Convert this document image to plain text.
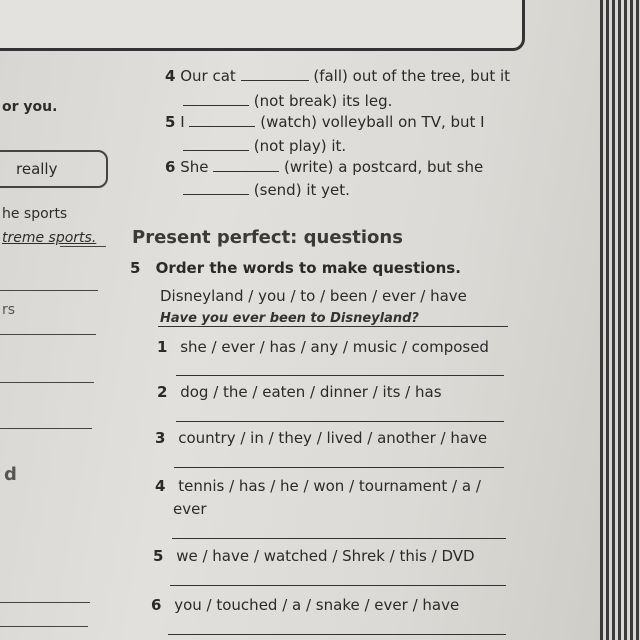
or you.
really
he sports
treme sports.
rs
d
4 Our cat	(fall) out of the tree, but it
(not break) its leg.
5 I	(watch) volleyball on TV, but I
(not play) it.
6 She	(write) a postcard, but she
(send) it yet.
Present perfect: questions
5 Order the words to make questions.
Disneyland / you / to / been / ever / have
Have you ever been to Disneyland?
1 she / ever / has / any / music / composed
2 dog / the / eaten / dinner / its / has
3 country / in / they / lived / another / have
4 tennis / has / he / won / tournament / a /
ever
5 we / have / watched / Shrek / this / DVD
6 you / touched / a / snake / ever / have
